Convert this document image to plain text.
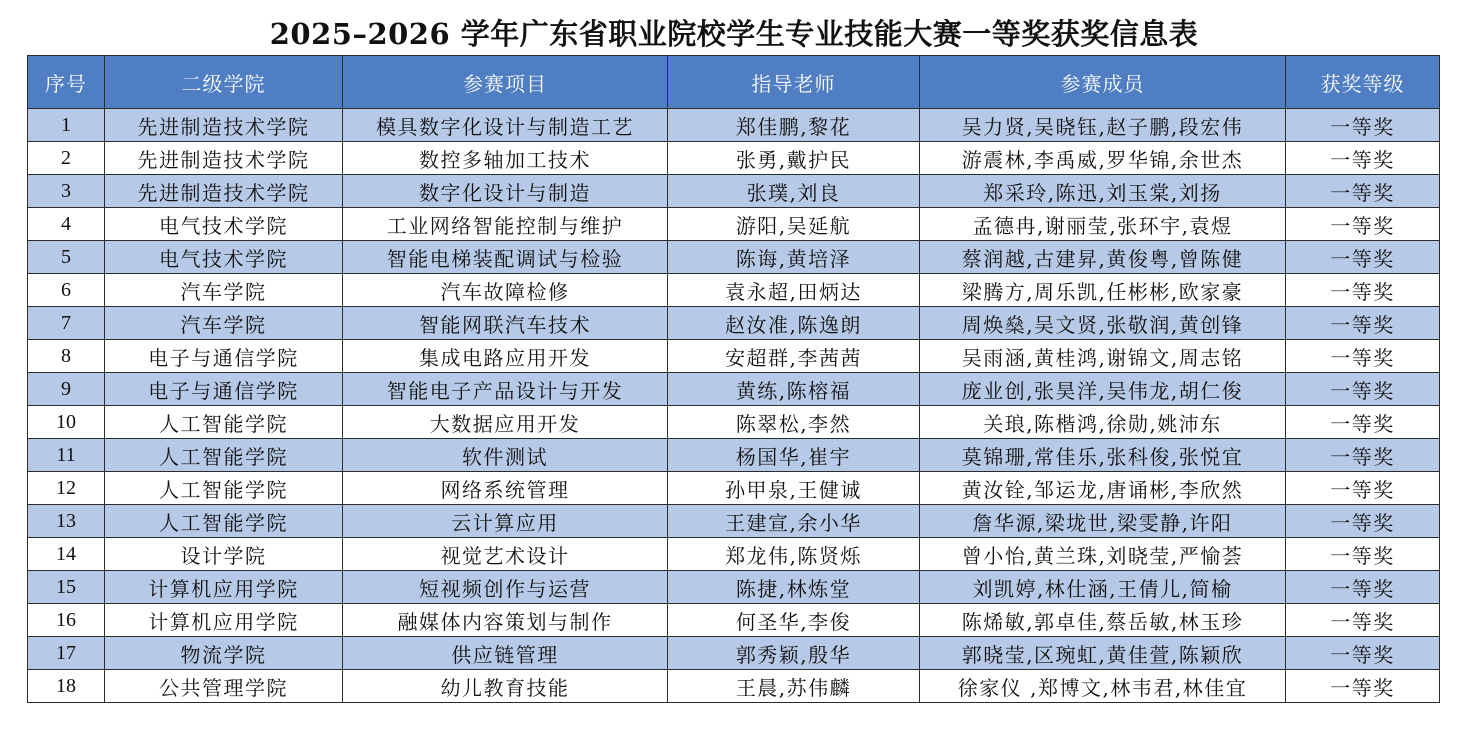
2025–2026 学年广东省职业院校学生专业技能大赛一等奖获奖信息表
序号	二级学院	参赛项目	指导老师	参赛成员	获奖等级
1	先进制造技术学院	模具数字化设计与制造工艺	郑佳鹏,黎花	吴力贤,吴晓钰,赵子鹏,段宏伟	一等奖
2	先进制造技术学院	数控多轴加工技术	张勇,戴护民	游震林,李禹威,罗华锦,余世杰	一等奖
3	先进制造技术学院	数字化设计与制造	张璞,刘良	郑采玲,陈迅,刘玉棠,刘扬	一等奖
4	电气技术学院	工业网络智能控制与维护	游阳,吴延航	孟德冉,谢丽莹,张环宇,袁煜	一等奖
5	电气技术学院	智能电梯装配调试与检验	陈诲,黄培泽	蔡润越,古建昇,黄俊粤,曾陈健	一等奖
6	汽车学院	汽车故障检修	袁永超,田炳达	梁腾方,周乐凯,任彬彬,欧家豪	一等奖
7	汽车学院	智能网联汽车技术	赵汝准,陈逸朗	周焕燊,吴文贤,张敬润,黄创锋	一等奖
8	电子与通信学院	集成电路应用开发	安超群,李茜茜	吴雨涵,黄桂鸿,谢锦文,周志铭	一等奖
9	电子与通信学院	智能电子产品设计与开发	黄练,陈榕福	庞业创,张昊洋,吴伟龙,胡仁俊	一等奖
10	人工智能学院	大数据应用开发	陈翠松,李然	关琅,陈楷鸿,徐勋,姚沛东	一等奖
11	人工智能学院	软件测试	杨国华,崔宇	莫锦珊,常佳乐,张科俊,张悦宜	一等奖
12	人工智能学院	网络系统管理	孙甲泉,王健诚	黄汝铨,邹运龙,唐诵彬,李欣然	一等奖
13	人工智能学院	云计算应用	王建宣,余小华	詹华源,梁垅世,梁雯静,许阳	一等奖
14	设计学院	视觉艺术设计	郑龙伟,陈贤烁	曾小怡,黄兰珠,刘晓莹,严愉荟	一等奖
15	计算机应用学院	短视频创作与运营	陈捷,林炼堂	刘凯婷,林仕涵,王倩儿,简榆	一等奖
16	计算机应用学院	融媒体内容策划与制作	何圣华,李俊	陈烯敏,郭卓佳,蔡岳敏,林玉珍	一等奖
17	物流学院	供应链管理	郭秀颖,殷华	郭晓莹,区琬虹,黄佳萱,陈颖欣	一等奖
18	公共管理学院	幼儿教育技能	王晨,苏伟麟	徐家仪 ,郑博文,林韦君,林佳宜	一等奖
